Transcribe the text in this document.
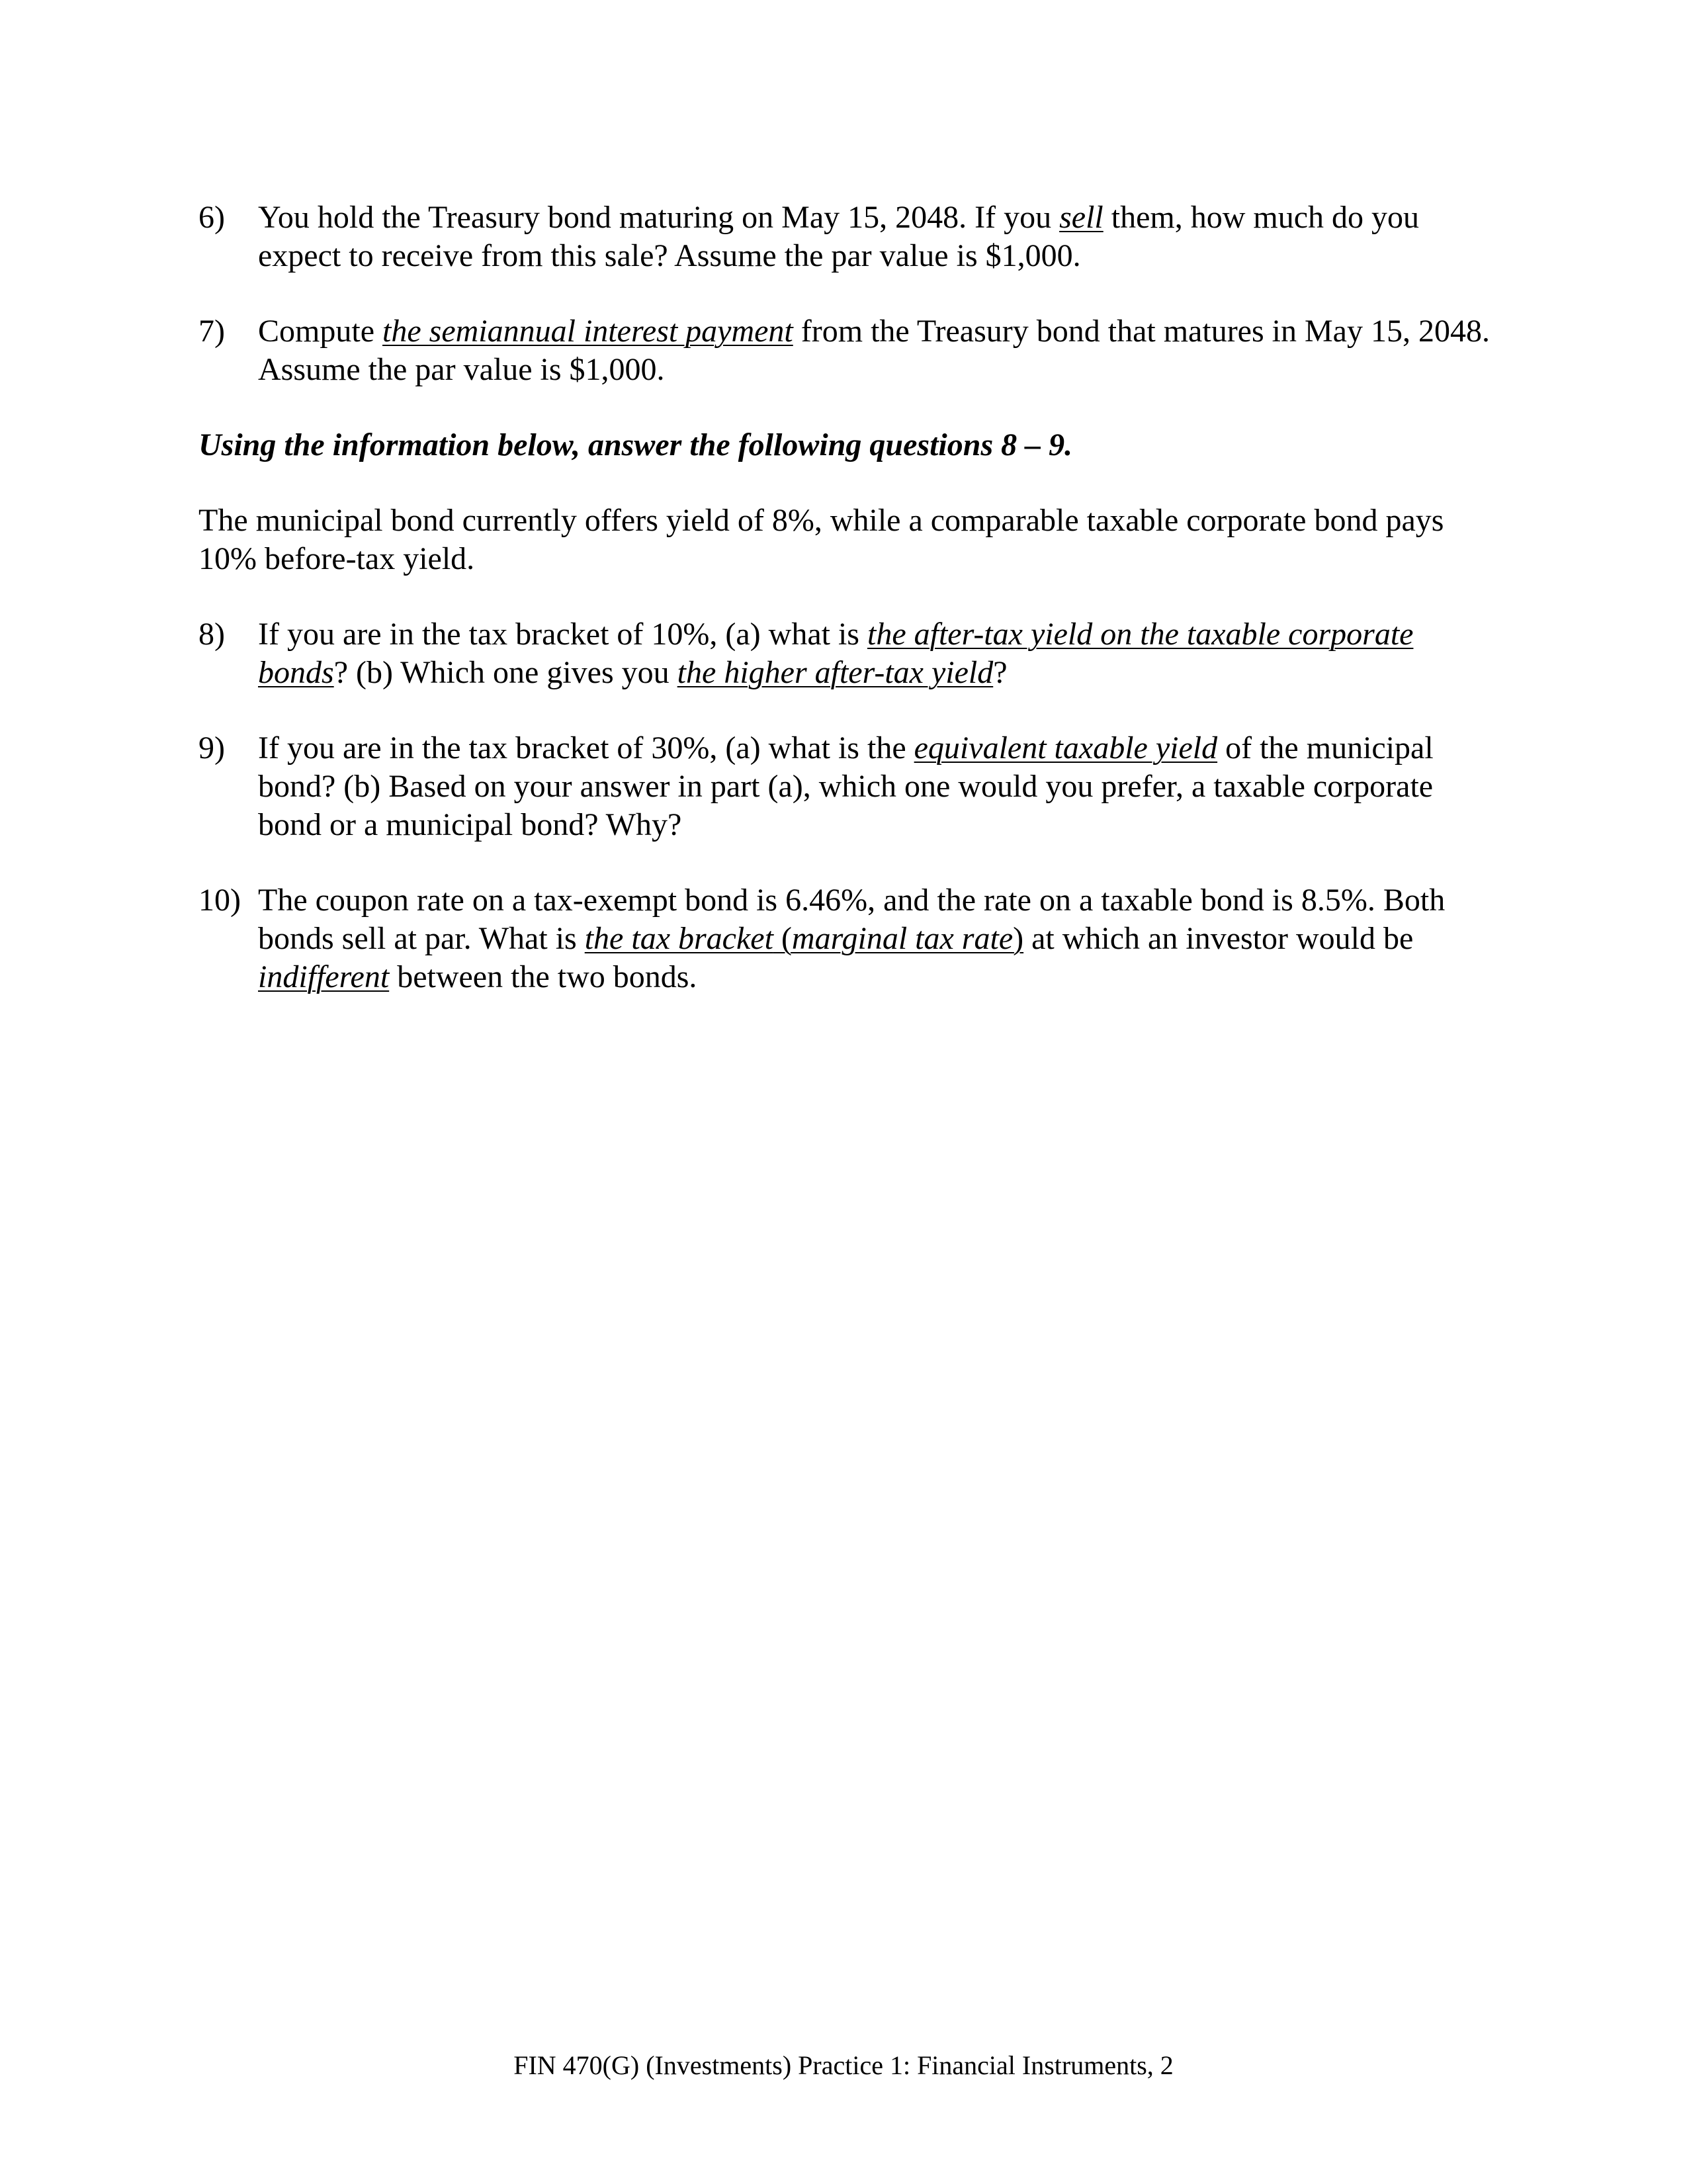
6) You hold the Treasury bond maturing on May 15, 2048. If you sell them, how much do you expect to receive from this sale? Assume the par value is $1,000.
7) Compute the semiannual interest payment from the Treasury bond that matures in May 15, 2048. Assume the par value is $1,000.
Using the information below, answer the following questions 8 – 9.
The municipal bond currently offers yield of 8%, while a comparable taxable corporate bond pays 10% before-tax yield.
8) If you are in the tax bracket of 10%, (a) what is the after-tax yield on the taxable corporate bonds? (b) Which one gives you the higher after-tax yield?
9) If you are in the tax bracket of 30%, (a) what is the equivalent taxable yield of the municipal bond? (b) Based on your answer in part (a), which one would you prefer, a taxable corporate bond or a municipal bond? Why?
10) The coupon rate on a tax-exempt bond is 6.46%, and the rate on a taxable bond is 8.5%. Both bonds sell at par. What is the tax bracket (marginal tax rate) at which an investor would be indifferent between the two bonds.
FIN 470(G) (Investments) Practice 1: Financial Instruments, 2
